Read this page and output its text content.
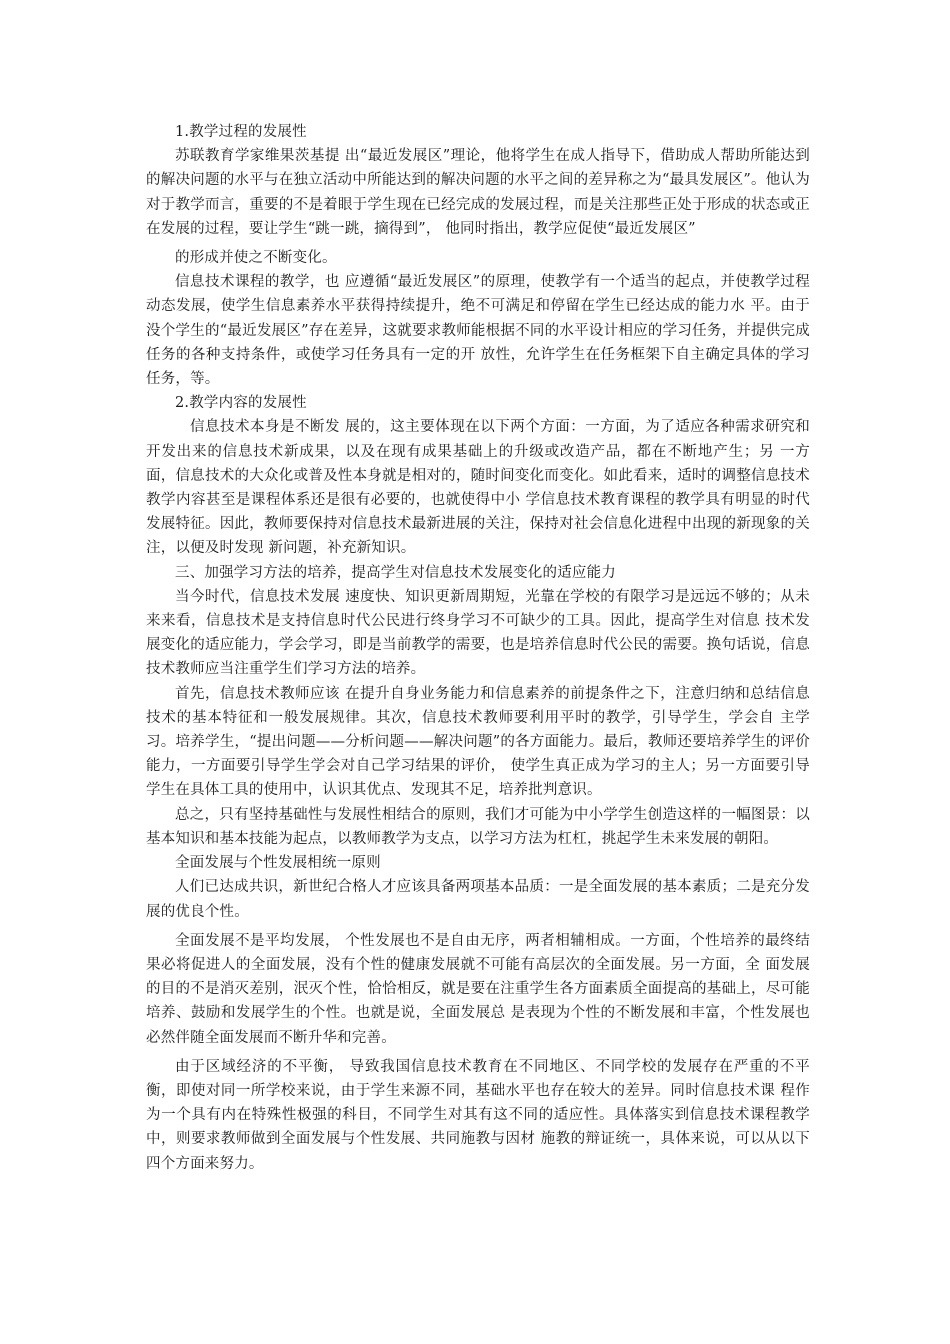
1.教学过程的发展性

苏联教育学家维果茨基提 出“最近发展区”理论，他将学生在成人指导下，借助成人帮助所能达到的解决问题的水平与在独立活动中所能达到的解决问题的水平之间的差异称之为“最具发展区”。他认为对于教学而言，重要的不是着眼于学生现在已经完成的发展过程，而是关注那些正处于形成的状态或正在发展的过程，要让学生“跳一跳，摘得到”， 他同时指出，教学应促使“最近发展区”

的形成并使之不断变化。

信息技术课程的教学，也 应遵循“最近发展区”的原理，使教学有一个适当的起点，并使教学过程动态发展，使学生信息素养水平获得持续提升，绝不可满足和停留在学生已经达成的能力水 平。由于没个学生的“最近发展区”存在差异，这就要求教师能根据不同的水平设计相应的学习任务，并提供完成任务的各种支持条件，或使学习任务具有一定的开 放性，允许学生在任务框架下自主确定具体的学习任务，等。

2.教学内容的发展性

信息技术本身是不断发 展的，这主要体现在以下两个方面：一方面，为了适应各种需求研究和开发出来的信息技术新成果，以及在现有成果基础上的升级或改造产品，都在不断地产生；另 一方面，信息技术的大众化或普及性本身就是相对的，随时间变化而变化。如此看来，适时的调整信息技术教学内容甚至是课程体系还是很有必要的，也就使得中小 学信息技术教育课程的教学具有明显的时代发展特征。因此，教师要保持对信息技术最新进展的关注，保持对社会信息化进程中出现的新现象的关注，以便及时发现 新问题，补充新知识。

三、加强学习方法的培养，提高学生对信息技术发展变化的适应能力

当今时代，信息技术发展 速度快、知识更新周期短，光靠在学校的有限学习是远远不够的；从未来来看，信息技术是支持信息时代公民进行终身学习不可缺少的工具。因此，提高学生对信息 技术发展变化的适应能力，学会学习，即是当前教学的需要，也是培养信息时代公民的需要。换句话说，信息技术教师应当注重学生们学习方法的培养。

首先，信息技术教师应该 在提升自身业务能力和信息素养的前提条件之下，注意归纳和总结信息技术的基本特征和一般发展规律。其次，信息技术教师要利用平时的教学，引导学生，学会自 主学习。培养学生，“提出问题——分析问题——解决问题”的各方面能力。最后，教师还要培养学生的评价能力，一方面要引导学生学会对自己学习结果的评价， 使学生真正成为学习的主人；另一方面要引导学生在具体工具的使用中，认识其优点、发现其不足，培养批判意识。

总之，只有坚持基础性与发展性相结合的原则，我们才可能为中小学学生创造这样的一幅图景：以基本知识和基本技能为起点，以教师教学为支点，以学习方法为杠杠，挑起学生未来发展的朝阳。

全面发展与个性发展相统一原则

人们已达成共识，新世纪合格人才应该具备两项基本品质：一是全面发展的基本素质；二是充分发展的优良个性。

全面发展不是平均发展， 个性发展也不是自由无序，两者相辅相成。一方面，个性培养的最终结果必将促进人的全面发展，没有个性的健康发展就不可能有高层次的全面发展。另一方面，全 面发展的目的不是消灭差别，泯灭个性，恰恰相反，就是要在注重学生各方面素质全面提高的基础上，尽可能培养、鼓励和发展学生的个性。也就是说，全面发展总 是表现为个性的不断发展和丰富，个性发展也必然伴随全面发展而不断升华和完善。

由于区域经济的不平衡， 导致我国信息技术教育在不同地区、不同学校的发展存在严重的不平衡，即使对同一所学校来说，由于学生来源不同，基础水平也存在较大的差异。同时信息技术课 程作为一个具有内在特殊性极强的科目，不同学生对其有这不同的适应性。具体落实到信息技术课程教学中，则要求教师做到全面发展与个性发展、共同施教与因材 施教的辩证统一，具体来说，可以从以下四个方面来努力。
